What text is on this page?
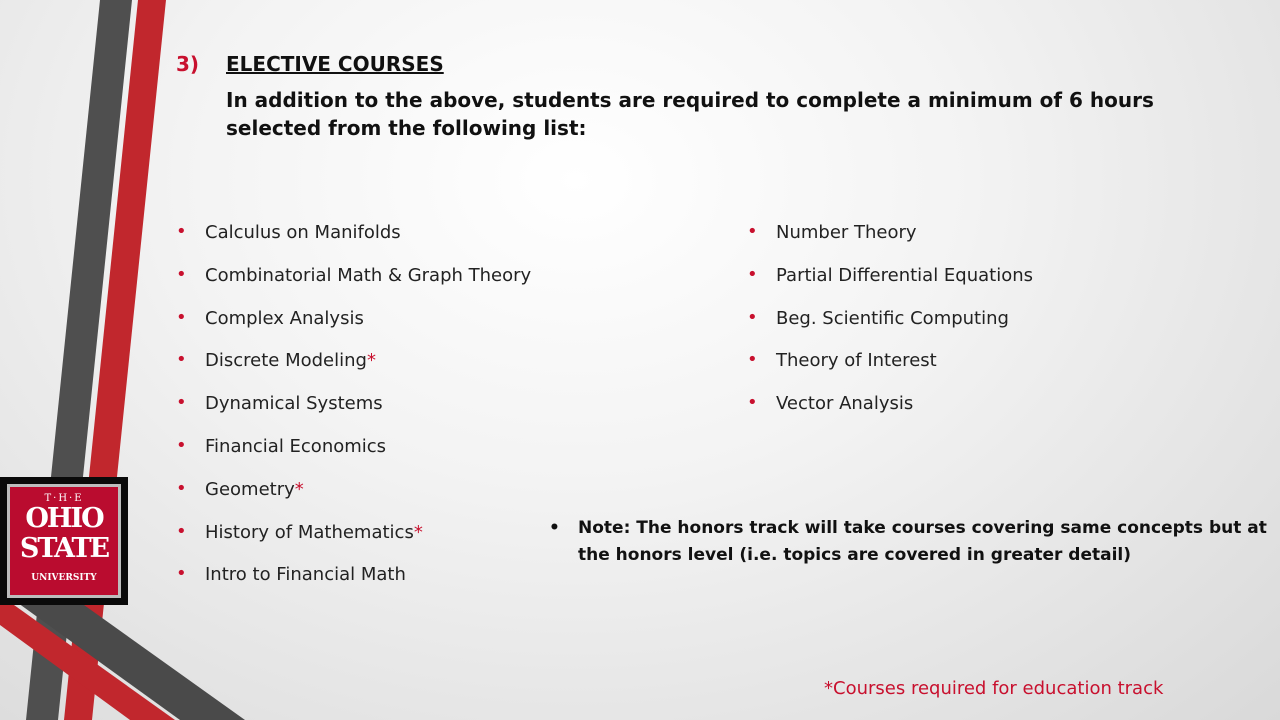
3) ELECTIVE COURSES
In addition to the above, students are required to complete a minimum of 6 hours selected from the following list:
• Calculus on Manifolds
• Combinatorial Math & Graph Theory
• Complex Analysis
• Discrete Modeling*
• Dynamical Systems
• Financial Economics
• Geometry*
• History of Mathematics*
• Intro to Financial Math
• Number Theory
• Partial Differential Equations
• Beg. Scientific Computing
• Theory of Interest
• Vector Analysis
• Note: The honors track will take courses covering same concepts but at the honors level (i.e. topics are covered in greater detail)
*Courses required for education track
T·H·E
OHIO
STATE
UNIVERSITY
